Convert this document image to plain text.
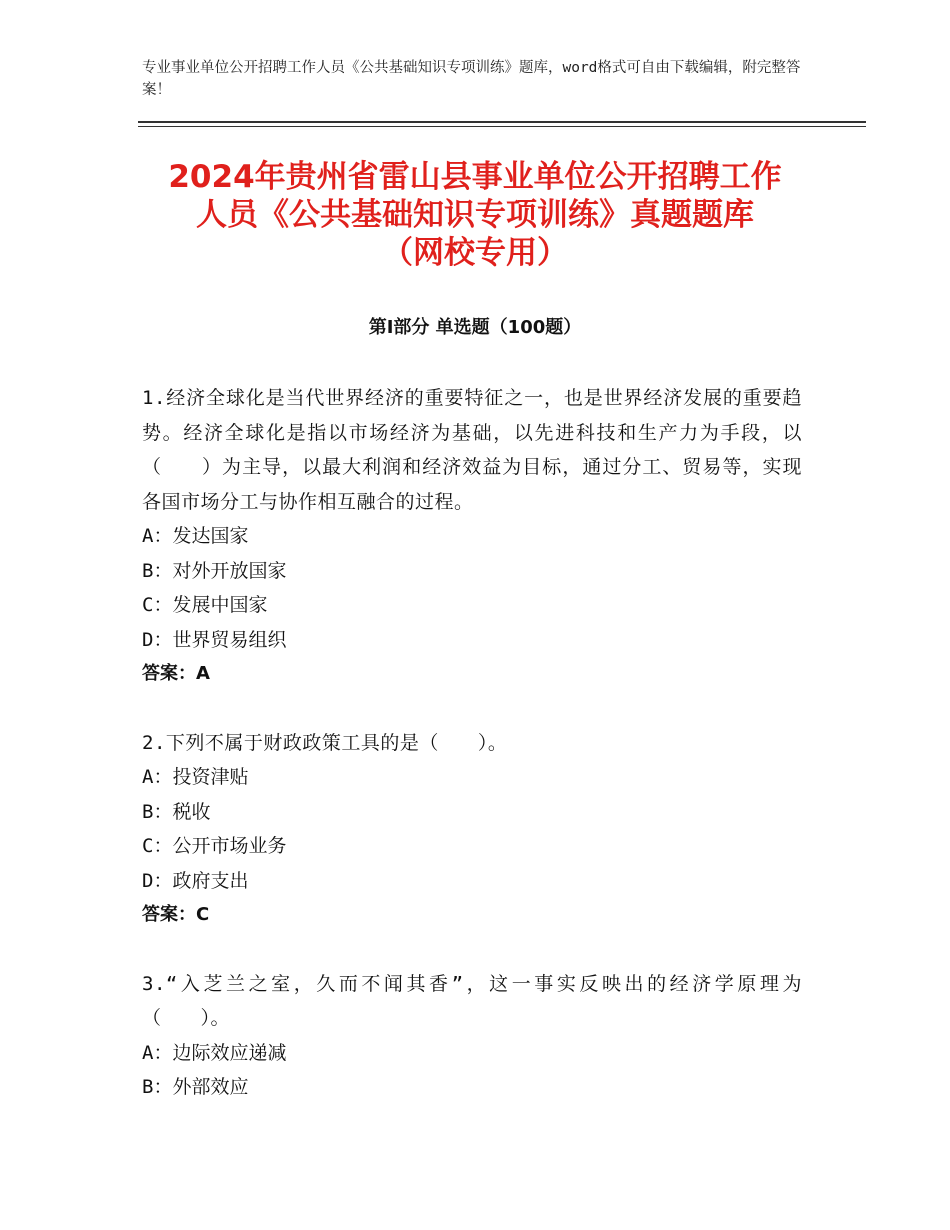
专业事业单位公开招聘工作人员《公共基础知识专项训练》题库，word格式可自由下载编辑，附完整答案！
2024年贵州省雷山县事业单位公开招聘工作
人员《公共基础知识专项训练》真题题库
（网校专用）
第Ⅰ部分 单选题（100题）
1.经济全球化是当代世界经济的重要特征之一，也是世界经济发展的重要趋势。经济全球化是指以市场经济为基础，以先进科技和生产力为手段，以（　　）为主导，以最大利润和经济效益为目标，通过分工、贸易等，实现各国市场分工与协作相互融合的过程。
A：发达国家
B：对外开放国家
C：发展中国家
D：世界贸易组织
答案：A
2.下列不属于财政政策工具的是（　　）。
A：投资津贴
B：税收
C：公开市场业务
D：政府支出
答案：C
3.“入芝兰之室，久而不闻其香”，这一事实反映出的经济学原理为（　　）。
A：边际效应递减
B：外部效应
